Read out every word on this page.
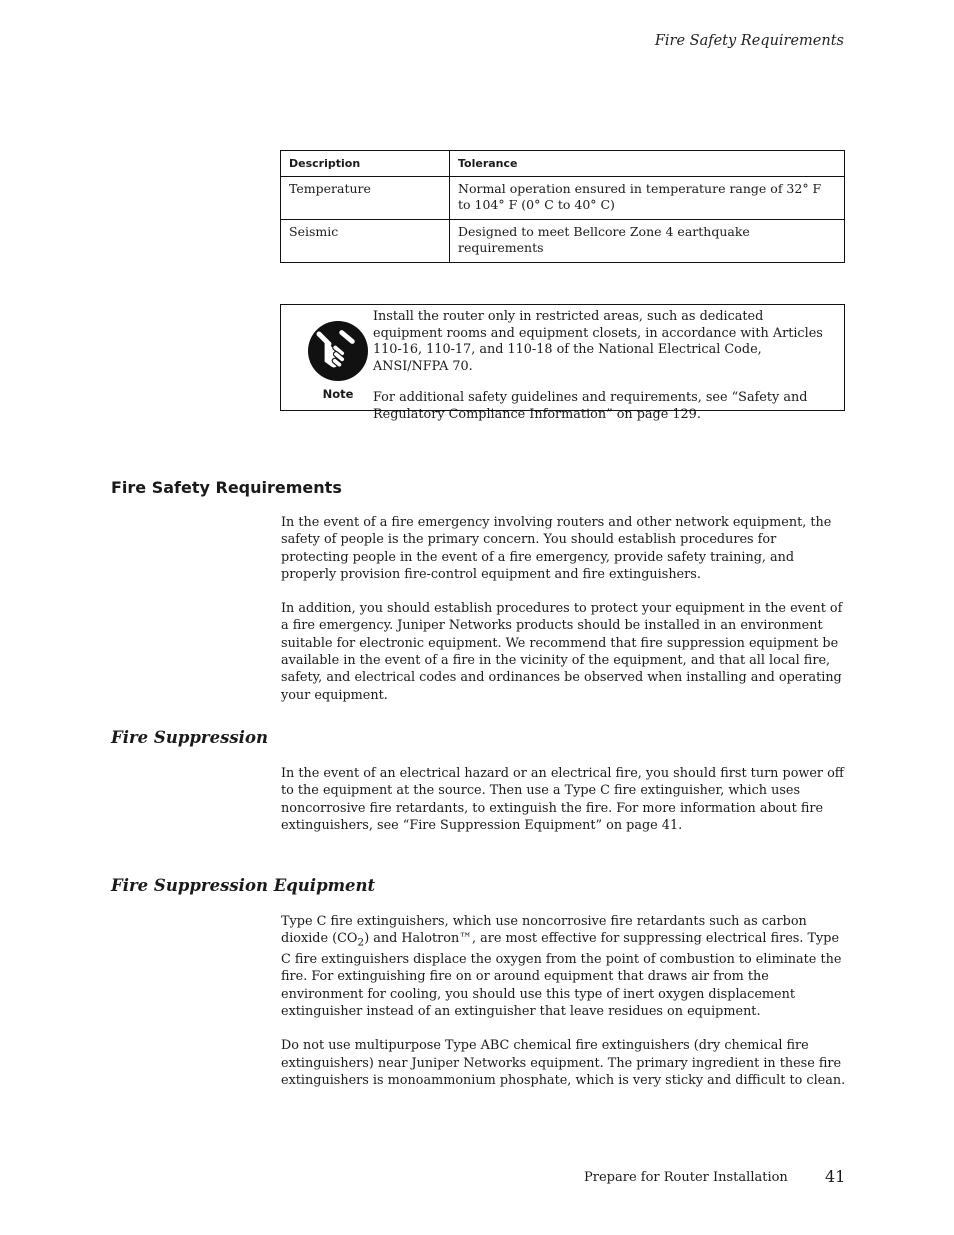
Fire Safety Requirements
Description	Tolerance
Temperature	Normal operation ensured in temperature range of 32° F to 104° F (0° C to 40° C)
Seismic	Designed to meet Bellcore Zone 4 earthquake requirements
Note

Install the router only in restricted areas, such as dedicated equipment rooms and equipment closets, in accordance with Articles 110-16, 110-17, and 110-18 of the National Electrical Code, ANSI/NFPA 70.

For additional safety guidelines and requirements, see “Safety and Regulatory Compliance Information” on page 129.

Fire Safety Requirements

In the event of a fire emergency involving routers and other network equipment, the safety of people is the primary concern. You should establish procedures for protecting people in the event of a fire emergency, provide safety training, and properly provision fire-control equipment and fire extinguishers.

In addition, you should establish procedures to protect your equipment in the event of a fire emergency. Juniper Networks products should be installed in an environment suitable for electronic equipment. We recommend that fire suppression equipment be available in the event of a fire in the vicinity of the equipment, and that all local fire, safety, and electrical codes and ordinances be observed when installing and operating your equipment.

Fire Suppression

In the event of an electrical hazard or an electrical fire, you should first turn power off to the equipment at the source. Then use a Type C fire extinguisher, which uses noncorrosive fire retardants, to extinguish the fire. For more information about fire extinguishers, see “Fire Suppression Equipment” on page 41.

Fire Suppression Equipment

Type C fire extinguishers, which use noncorrosive fire retardants such as carbon dioxide $(CO_2)$ and Halotron™, are most effective for suppressing electrical fires. Type C fire extinguishers displace the oxygen from the point of combustion to eliminate the fire. For extinguishing fire on or around equipment that draws air from the environment for cooling, you should use this type of inert oxygen displacement extinguisher instead of an extinguisher that leave residues on equipment.

Do not use multipurpose Type ABC chemical fire extinguishers (dry chemical fire extinguishers) near Juniper Networks equipment. The primary ingredient in these fire extinguishers is monoammonium phosphate, which is very sticky and difficult to clean.

Prepare for Router Installation 41
